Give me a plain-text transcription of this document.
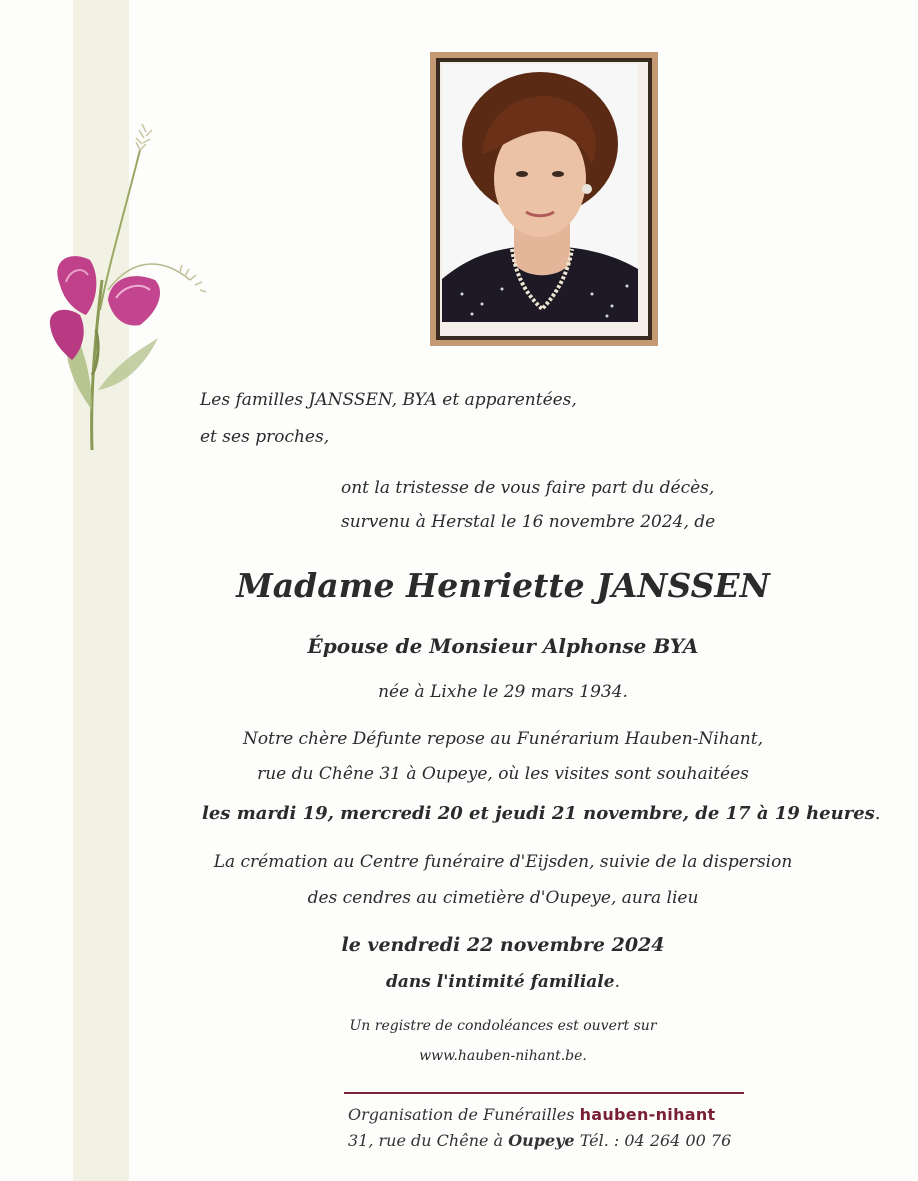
Les familles JANSSEN, BYA et apparentées,
et ses proches,
ont la tristesse de vous faire part du décès,
survenu à Herstal le 16 novembre 2024, de
Madame Henriette JANSSEN
Épouse de Monsieur Alphonse BYA
née à Lixhe le 29 mars 1934.
Notre chère Défunte repose au Funérarium Hauben-Nihant,
rue du Chêne 31 à Oupeye, où les visites sont souhaitées
les mardi 19, mercredi 20 et jeudi 21 novembre, de 17 à 19 heures.
La crémation au Centre funéraire d'Eijsden, suivie de la dispersion
des cendres au cimetière d'Oupeye, aura lieu
le vendredi 22 novembre 2024
dans l'intimité familiale.
Un registre de condoléances est ouvert sur
www.hauben-nihant.be.
Organisation de Funérailles hauben-nihant
31, rue du Chêne à Oupeye Tél. : 04 264 00 76
